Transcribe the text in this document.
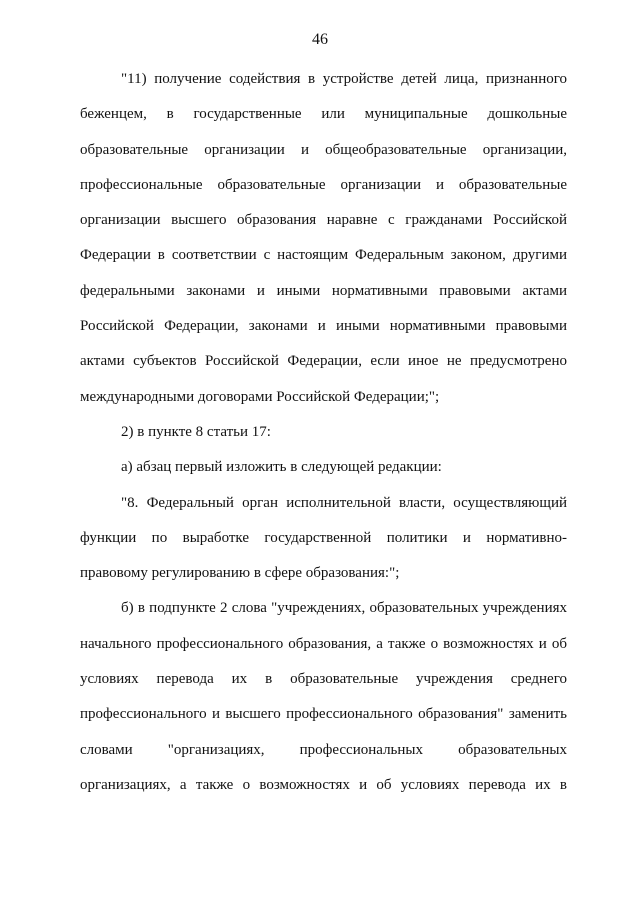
46
"11) получение содействия в устройстве детей лица, признанного
беженцем, в государственные или муниципальные дошкольные
образовательные организации и общеобразовательные организации,
профессиональные образовательные организации и образовательные
организации высшего образования наравне с гражданами Российской
Федерации в соответствии с настоящим Федеральным законом, другими
федеральными законами и иными нормативными правовыми актами
Российской Федерации, законами и иными нормативными правовыми
актами субъектов Российской Федерации, если иное не предусмотрено
международными договорами Российской Федерации;";
2) в пункте 8 статьи 17:
а) абзац первый изложить в следующей редакции:
"8. Федеральный орган исполнительной власти, осуществляющий
функции по выработке государственной политики и нормативно-
правовому регулированию в сфере образования:";
б) в подпункте 2 слова "учреждениях, образовательных учреждениях
начального профессионального образования, а также о возможностях и об
условиях перевода их в образовательные учреждения среднего
профессионального и высшего профессионального образования" заменить
словами "организациях, профессиональных образовательных
организациях, а также о возможностях и об условиях перевода их в
